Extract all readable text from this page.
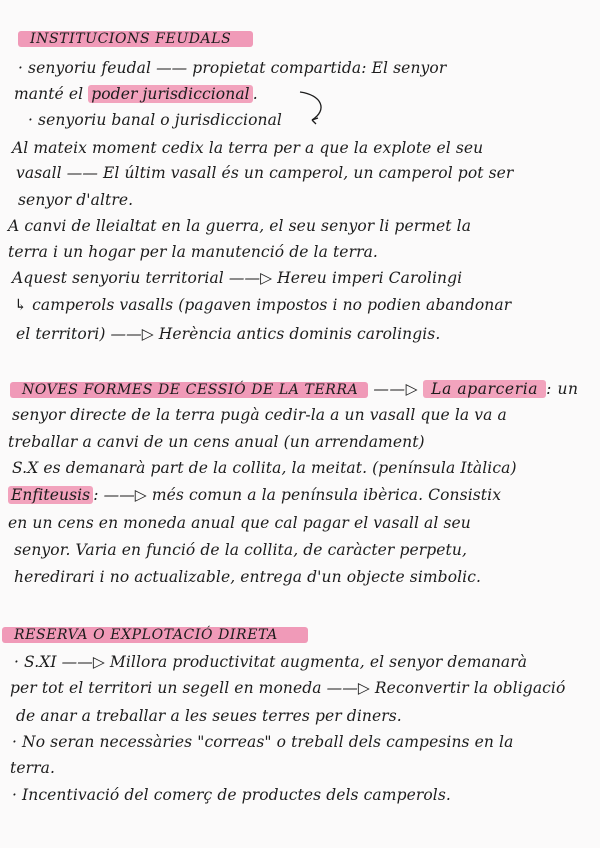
INSTITUCIONS FEUDALS
· senyoriu feudal —— propietat compartida: El senyor
manté el poder jurisdiccional .
· senyoriu banal o jurisdiccional
Al mateix moment cedix la terra per a que la explote el seu
vasall —— El últim vasall és un camperol, un camperol pot ser
senyor d'altre.
A canvi de lleialtat en la guerra, el seu senyor li permet la
terra i un hogar per la manutenció de la terra.
Aquest senyoriu territorial ——▷ Hereu imperi Carolingi
↳ camperols vasalls (pagaven impostos i no podien abandonar
el territori) ——▷ Herència antics dominis carolingis.
NOVES FORMES DE CESSIÓ DE LA TERRA ——▷ La aparceria : un
senyor directe de la terra pugà cedir-la a un vasall que la va a
treballar a canvi de un cens anual (un arrendament)
S.X es demanarà part de la collita, la meitat. (península Itàlica)
Enfiteusis : ——▷ més comun a la península ibèrica. Consistix
en un cens en moneda anual que cal pagar el vasall al seu
senyor. Varia en funció de la collita, de caràcter perpetu,
heredirari i no actualizable, entrega d'un objecte simbolic.
RESERVA O EXPLOTACIÓ DIRETA
· S.XI ——▷ Millora productivitat augmenta, el senyor demanarà
per tot el territori un segell en moneda ——▷ Reconvertir la obligació
de anar a treballar a les seues terres per diners.
· No seran necessàries "correas" o treball dels campesins en la
terra.
· Incentivació del comerç de productes dels camperols.
